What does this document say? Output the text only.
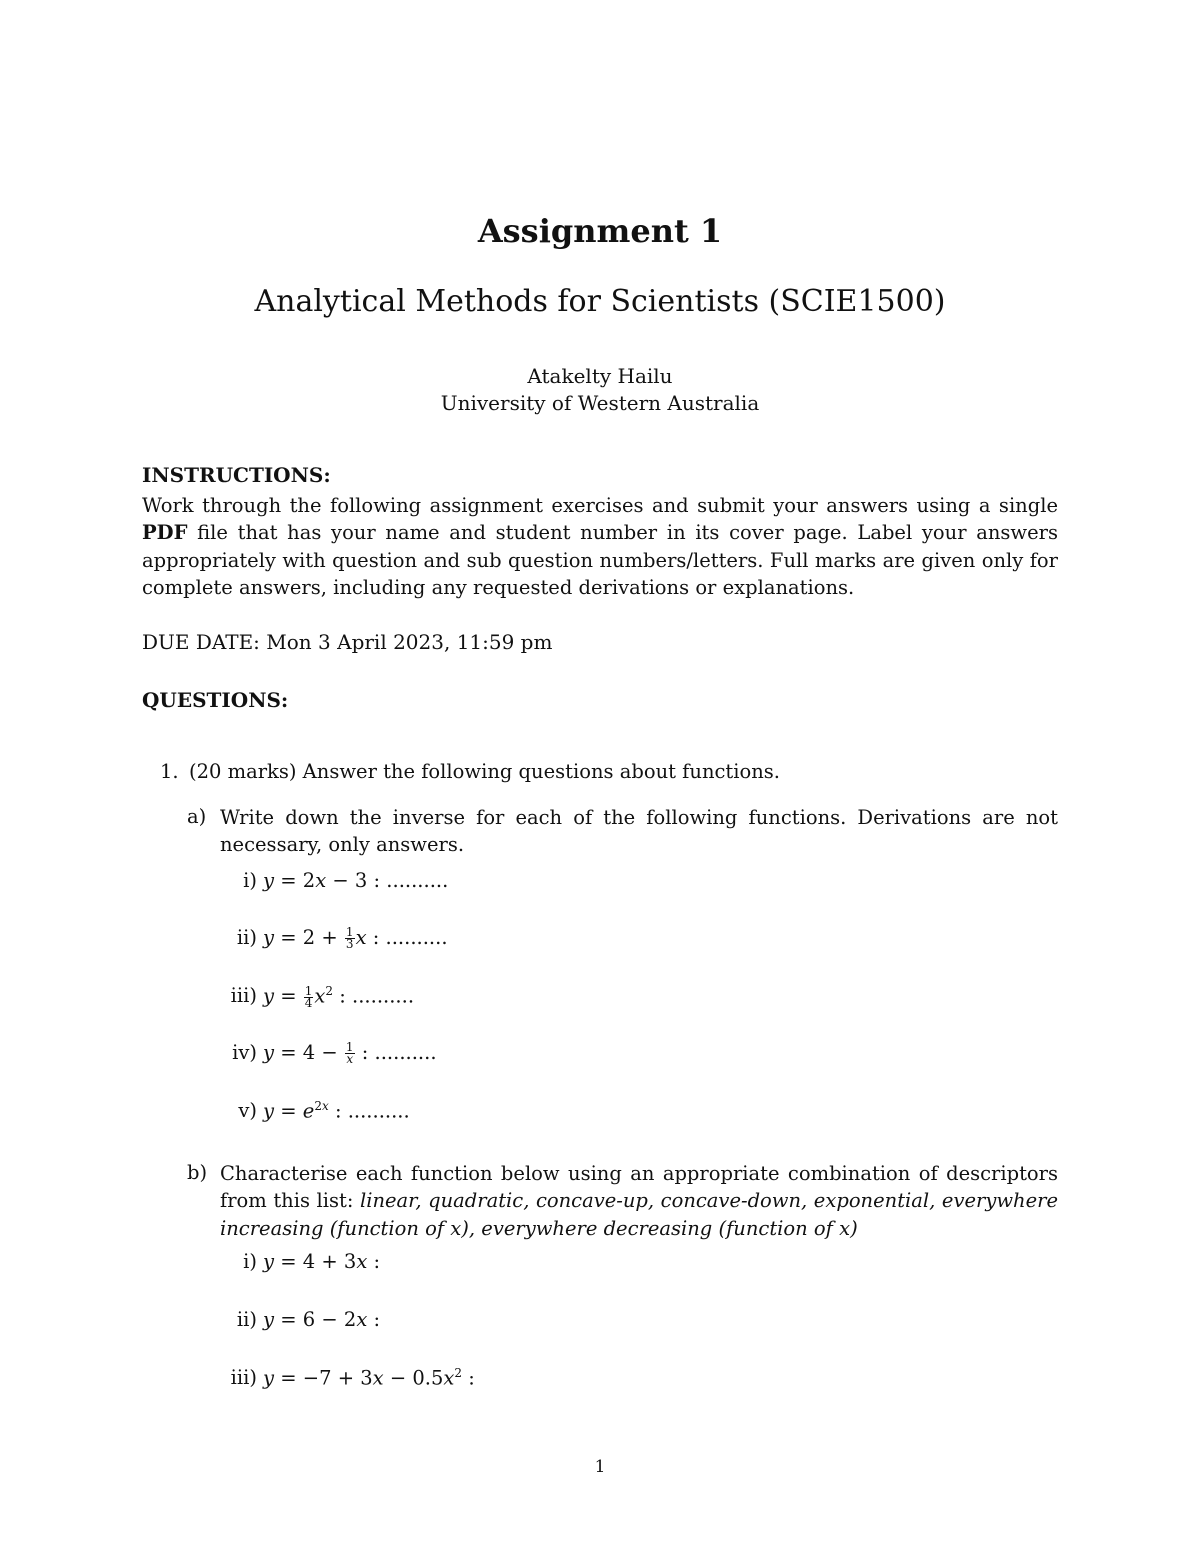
Assignment 1
Analytical Methods for Scientists (SCIE1500)
Atakelty Hailu
University of Western Australia
INSTRUCTIONS:
Work through the following assignment exercises and submit your answers using a single PDF file that has your name and student number in its cover page. Label your answers appropriately with question and sub question numbers/letters. Full marks are given only for complete answers, including any requested derivations or explanations.
DUE DATE: Mon 3 April 2023, 11:59 pm
QUESTIONS:
1. (20 marks) Answer the following questions about functions.
a) Write down the inverse for each of the following functions. Derivations are not necessary, only answers.
i) y = 2x − 3 : ..........
ii) $y = 2 + \frac{1}{3}$ x : ..........
iii) $y = \frac{1}{4} x^2$ : ..........
iv) $y = 4 - \frac{1}{x}$ : ..........
v) $y = e^{2x}$ : ..........
b) Characterise each function below using an appropriate combination of descriptors from this list: linear, quadratic, concave-up, concave-down, exponential, everywhere increasing (function of x), everywhere decreasing (function of x)
i) y = 4 + 3x :
ii) y = 6 − 2x :
iii) $y = -7 + 3x - 0.5x^2$ :
1
